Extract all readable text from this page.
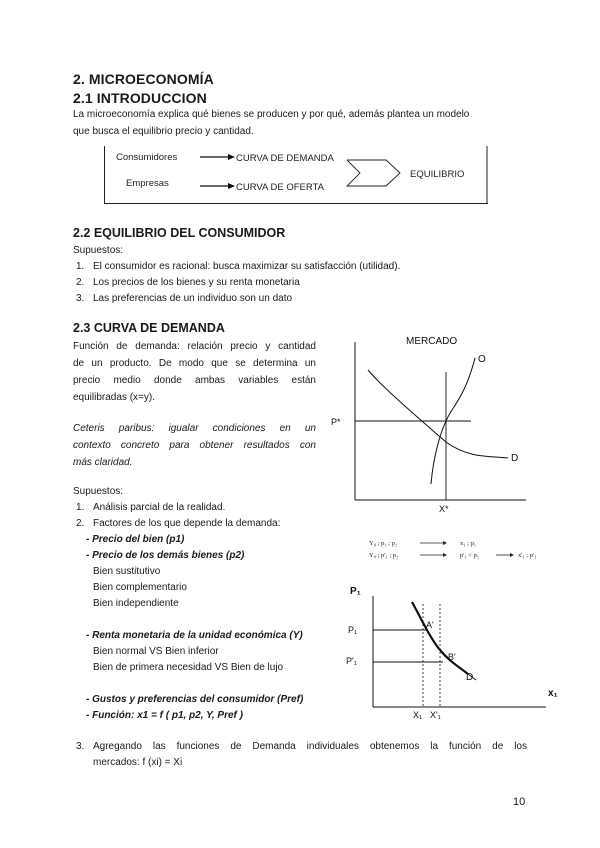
2. MICROECONOMÍA
2.1 INTRODUCCION
La microeconomía explica qué bienes se producen y por qué, además plantea un modelo
que busca el equilibrio precio y cantidad.
Consumidores
Empresas
CURVA DE DEMANDA
CURVA DE OFERTA
EQUILIBRIO
2.2 EQUILIBRIO DEL CONSUMIDOR
Supuestos:
1. El consumidor es racional: busca maximizar su satisfacción (utilidad).
2. Los precios de los bienes y su renta monetaria
3. Las preferencias de un individuo son un dato
2.3 CURVA DE DEMANDA
Función de demanda: relación precio y cantidad
de un producto. De modo que se determina un
precio medio donde ambas variables están
equilibradas (x=y).
Ceteris paribus: igualar condiciones en un
contexto concreto para obtener resultados con
más claridad.
Supuestos:
1. Análisis parcial de la realidad.
2. Factores de los que depende la demanda:
- Precio del bien (p1)
- Precio de los demás bienes (p2)
Bien sustitutivo
Bien complementario
Bien independiente
- Renta monetaria de la unidad económica (Y)
Bien normal VS Bien inferior
Bien de primera necesidad VS Bien de lujo
- Gustos y preferencias del consumidor (Pref)
- Función: x1 = f ( p1, p2, Y, Pref )
3. Agregando las funciones de Demanda individuales obtenemos la función de los
mercados: f (xi) = Xi
MERCADO
O
D
P*
X*
Y₀ ; p₁ ; p₂	x₁ ; p₁
Y₀ ; p'₁ ; p₂	p'₁ < p₁	x'₁ ; p'₁
P₁
x₁
P₁
P'₁
A'
B'
D
X₁ X'₁
10
